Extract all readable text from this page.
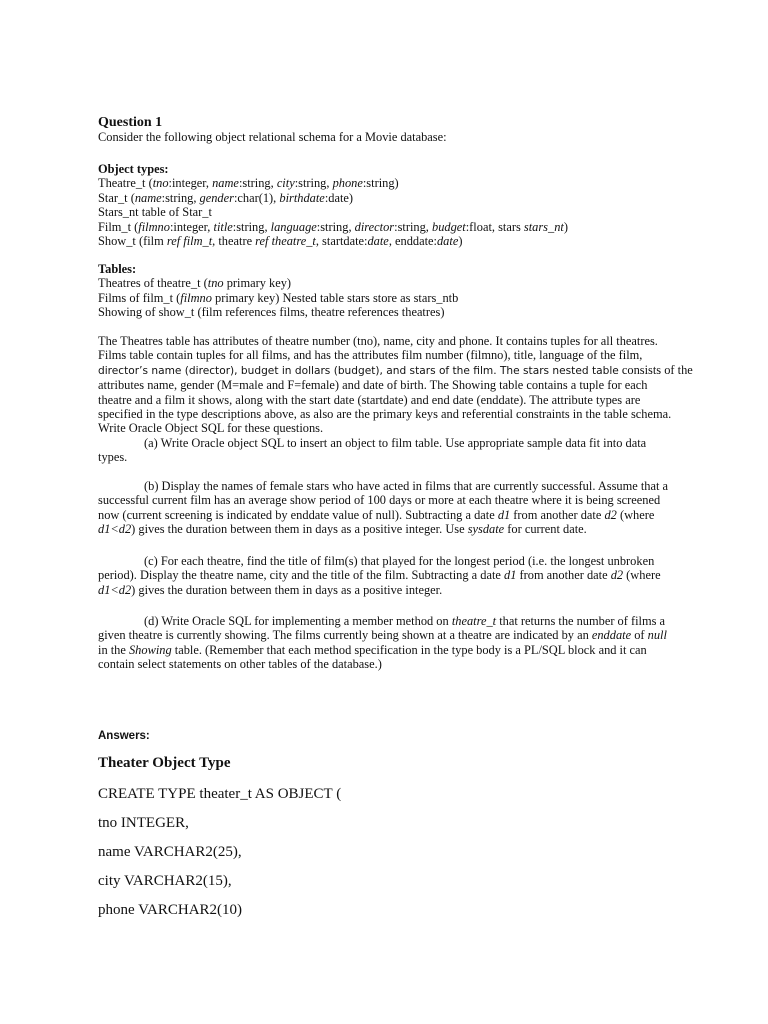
Question 1
Consider the following object relational schema for a Movie database:
Object types:
Theatre_t (tno:integer, name:string, city:string, phone:string)
Star_t (name:string, gender:char(1), birthdate:date)
Stars_nt table of Star_t
Film_t (filmno:integer, title:string, language:string, director:string, budget:float, stars stars_nt)
Show_t (film ref film_t, theatre ref theatre_t, startdate:date, enddate:date)
Tables:
Theatres of theatre_t (tno primary key)
Films of film_t (filmno primary key) Nested table stars store as stars_ntb
Showing of show_t (film references films, theatre references theatres)
The Theatres table has attributes of theatre number (tno), name, city and phone. It contains tuples for all theatres.
Films table contain tuples for all films, and has the attributes film number (filmno), title, language of the film,
director’s name (director), budget in dollars (budget), and stars of the film. The stars nested table consists of the
attributes name, gender (M=male and F=female) and date of birth. The Showing table contains a tuple for each
theatre and a film it shows, along with the start date (startdate) and end date (enddate). The attribute types are
specified in the type descriptions above, as also are the primary keys and referential constraints in the table schema.
Write Oracle Object SQL for these questions.
(a) Write Oracle object SQL to insert an object to film table. Use appropriate sample data fit into data
types.
(b) Display the names of female stars who have acted in films that are currently successful. Assume that a
successful current film has an average show period of 100 days or more at each theatre where it is being screened
now (current screening is indicated by enddate value of null). Subtracting a date d1 from another date d2 (where
d1<d2) gives the duration between them in days as a positive integer. Use sysdate for current date.
(c) For each theatre, find the title of film(s) that played for the longest period (i.e. the longest unbroken
period). Display the theatre name, city and the title of the film. Subtracting a date d1 from another date d2 (where
d1<d2) gives the duration between them in days as a positive integer.
(d) Write Oracle SQL for implementing a member method on theatre_t that returns the number of films a
given theatre is currently showing. The films currently being shown at a theatre are indicated by an enddate of null
in the Showing table. (Remember that each method specification in the type body is a PL/SQL block and it can
contain select statements on other tables of the database.)
Answers:
Theater Object Type
CREATE TYPE theater_t AS OBJECT (
tno INTEGER,
name VARCHAR2(25),
city VARCHAR2(15),
phone VARCHAR2(10)
